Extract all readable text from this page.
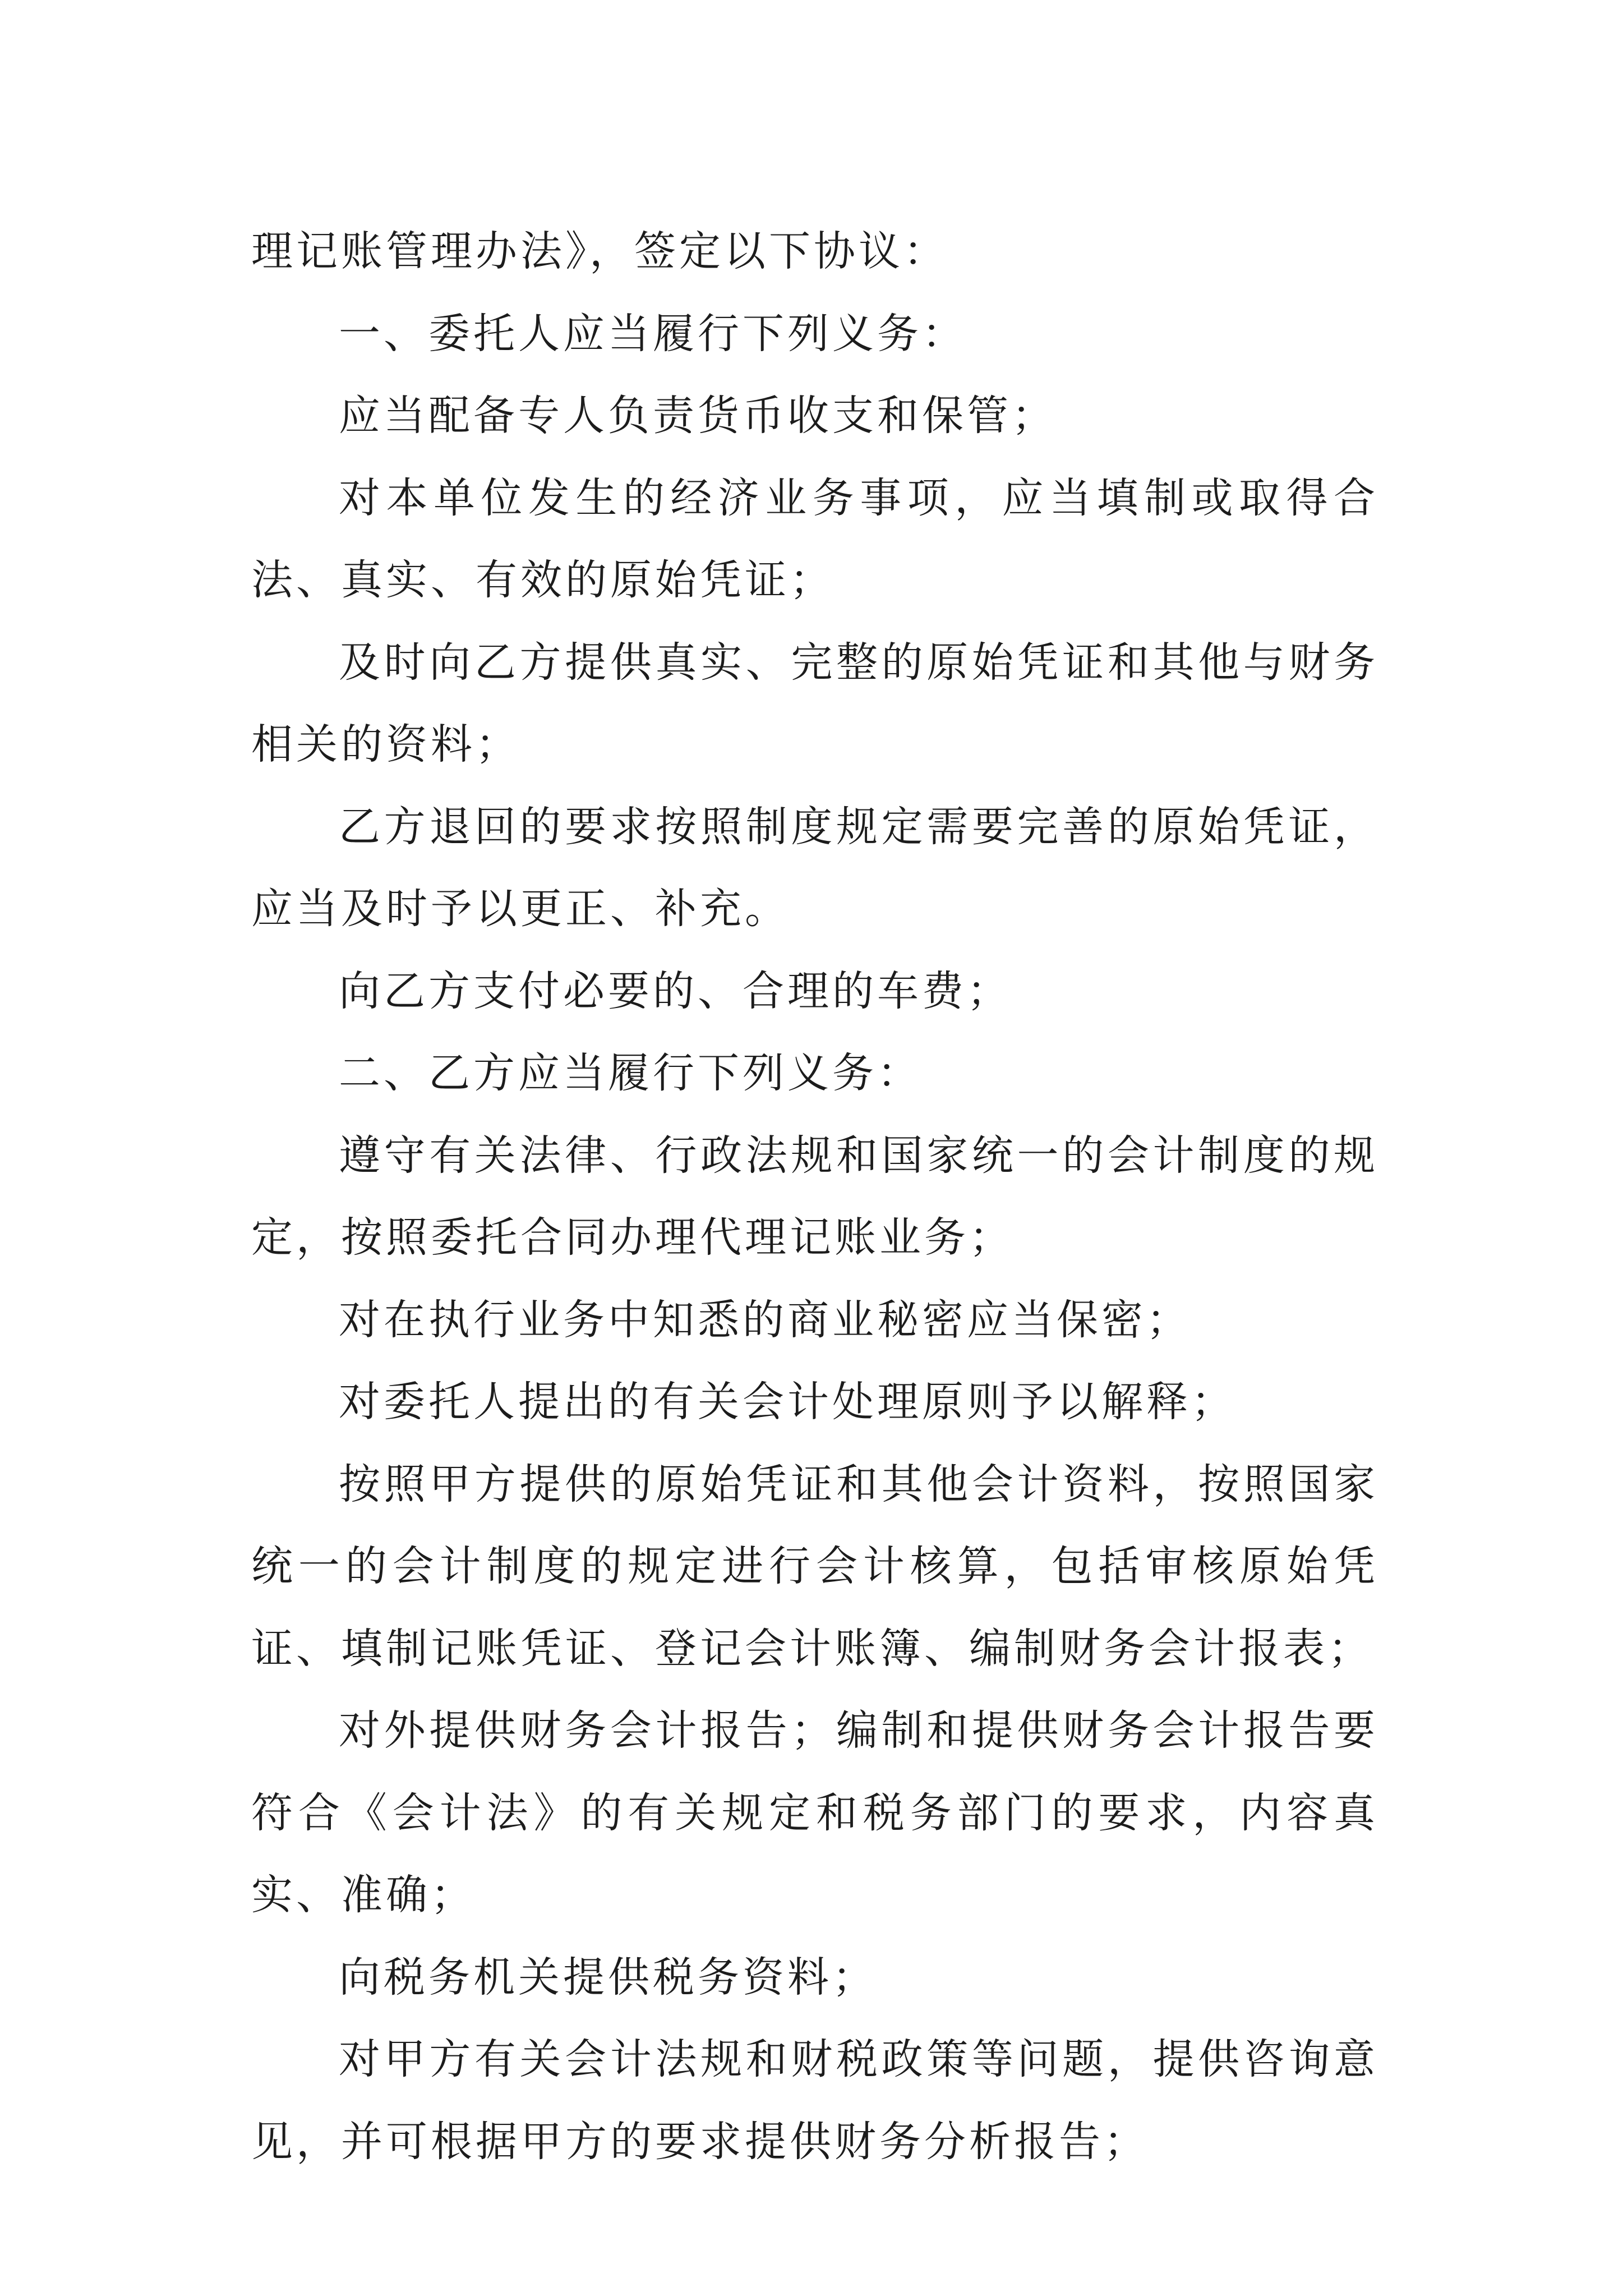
理记账管理办法》，签定以下协议：

一、委托人应当履行下列义务：

应当配备专人负责货币收支和保管；

对本单位发生的经济业务事项，应当填制或取得合法、真实、有效的原始凭证；

及时向乙方提供真实、完整的原始凭证和其他与财务相关的资料；

乙方退回的要求按照制度规定需要完善的原始凭证，应当及时予以更正、补充。

向乙方支付必要的、合理的车费；

二、乙方应当履行下列义务：

遵守有关法律、行政法规和国家统一的会计制度的规定，按照委托合同办理代理记账业务；

对在执行业务中知悉的商业秘密应当保密；

对委托人提出的有关会计处理原则予以解释；

按照甲方提供的原始凭证和其他会计资料，按照国家统一的会计制度的规定进行会计核算，包括审核原始凭证、填制记账凭证、登记会计账簿、编制财务会计报表；

对外提供财务会计报告；编制和提供财务会计报告要符合《会计法》的有关规定和税务部门的要求，内容真实、准确；

向税务机关提供税务资料；

对甲方有关会计法规和财税政策等问题，提供咨询意见，并可根据甲方的要求提供财务分析报告；
